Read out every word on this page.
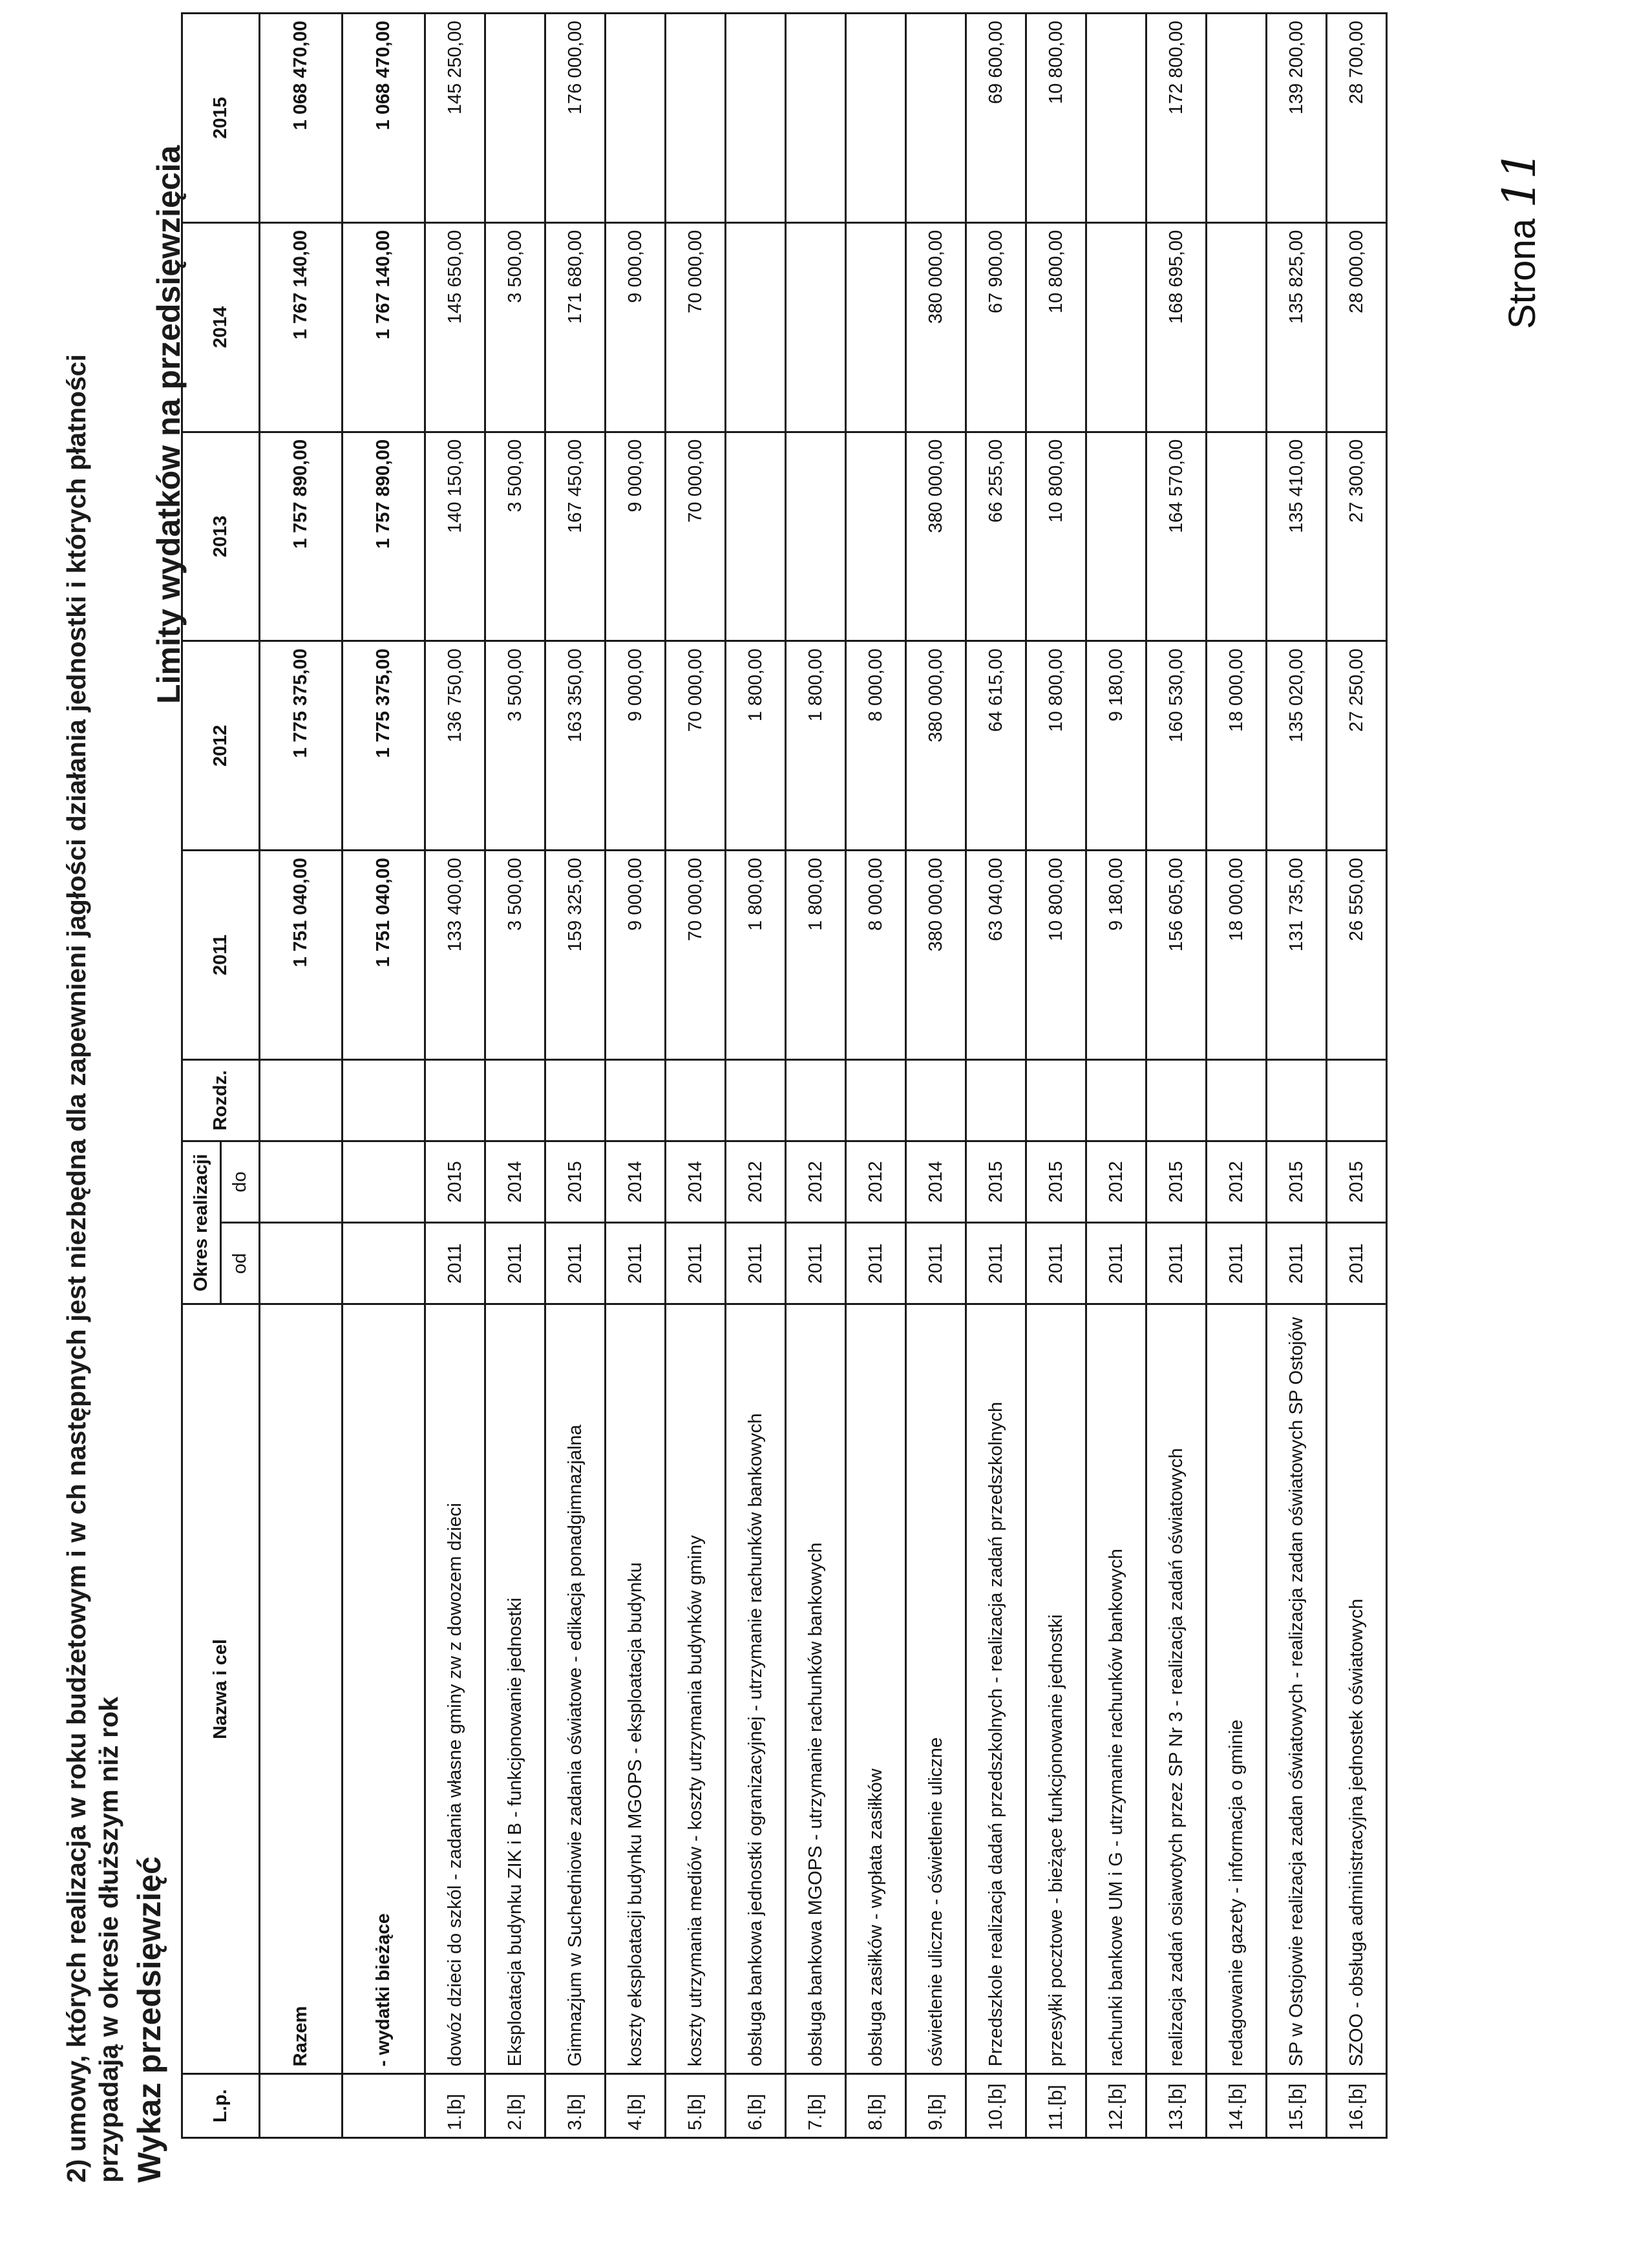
2) umowy, których realizacja w roku budżetowym i w ch następnych jest niezbędna dla zapewnieni jagłości działania jednostki i których płatności przypadają w okresie dłuższym niż rok Wykaz przedsięwzięć

Limity wydatków na przedsięwzięcia

L.p.	Nazwa i cel	Okres realizacji		Rozdz.	2011	2012	2013	2014	2015
		od	do						
	Razem				1 751 040,00	1 775 375,00	1 757 890,00	1 767 140,00	1 068 470,00
	- wydatki bieżące				1 751 040,00	1 775 375,00	1 757 890,00	1 767 140,00	1 068 470,00
1.[b]	dowóz dzieci do szkól - zadania własne gminy zw z dowozem dzieci	2011	2015		133 400,00	136 750,00	140 150,00	145 650,00	145 250,00
2.[b]	Eksploatacja budynku ZIK i B - funkcjonowanie jednostki	2011	2014		3 500,00	3 500,00	3 500,00	3 500,00	
3.[b]	Gimnazjum w Suchedniowie zadania oświatowe - edikacja ponadgimnazjalna	2011	2015		159 325,00	163 350,00	167 450,00	171 680,00	176 000,00
4.[b]	koszty eksploatacji budynku MGOPS - eksploatacja budynku	2011	2014		9 000,00	9 000,00	9 000,00	9 000,00	
5.[b]	koszty utrzymania mediów - koszty utrzymania budynków gminy	2011	2014		70 000,00	70 000,00	70 000,00	70 000,00	
6.[b]	obsługa bankowa jednostki ogranizacyjnej - utrzymanie rachunków bankowych	2011	2012		1 800,00	1 800,00			
7.[b]	obsługa bankowa MGOPS - utrzymanie rachunków bankowych	2011	2012		1 800,00	1 800,00			
8.[b]	obsługa zasiłków - wypłata zasiłków	2011	2012		8 000,00	8 000,00			
9.[b]	oświetlenie uliczne - oświetlenie uliczne	2011	2014		380 000,00	380 000,00	380 000,00	380 000,00	
10.[b]	Przedszkole realizacja dadań przedszkolnych - realizacja zadań przedszkolnych	2011	2015		63 040,00	64 615,00	66 255,00	67 900,00	69 600,00
11.[b]	przesyłki pocztowe - bieżące funkcjonowanie jednostki	2011	2015		10 800,00	10 800,00	10 800,00	10 800,00	10 800,00
12.[b]	rachunki bankowe UM i G - utrzymanie rachunków bankowych	2011	2012		9 180,00	9 180,00			
13.[b]	realizacja zadań osiawotych przez SP Nr 3 - realizacja zadań oświatowych	2011	2015		156 605,00	160 530,00	164 570,00	168 695,00	172 800,00
14.[b]	redagowanie gazety - informacja o gminie	2011	2012		18 000,00	18 000,00			
15.[b]	SP w Ostojowie realizacja zadan oświatowych - realizacja zadan oświatowych SP Ostojów	2011	2015		131 735,00	135 020,00	135 410,00	135 825,00	139 200,00
16.[b]	SZOO - obsługa administracyjna jednostek oświatowych	2011	2015		26 550,00	27 250,00	27 300,00	28 000,00	28 700,00
Strona 11
